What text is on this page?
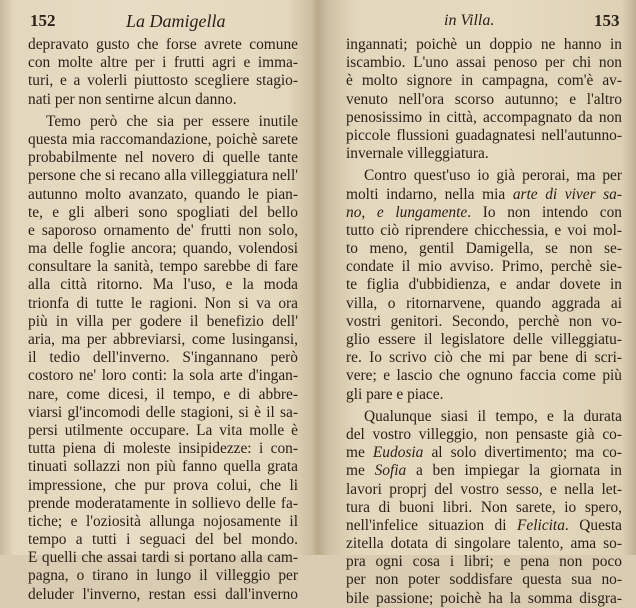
152	La Damigella
depravato gusto che forse avrete comune
con molte altre per i frutti agri e imma-
turi, e a volerli piuttosto scegliere stagio-
nati per non sentirne alcun danno.
Temo però che sia per essere inutile
questa mia raccomandazione, poichè sarete
probabilmente nel novero di quelle tante
persone che si recano alla villeggiatura nell'
autunno molto avanzato, quando le pian-
te, e gli alberi sono spogliati del bello
e saporoso ornamento de' frutti non solo,
ma delle foglie ancora; quando, volendosi
consultare la sanità, tempo sarebbe di fare
alla città ritorno. Ma l'uso, e la moda
trionfa di tutte le ragioni. Non si va ora
più in villa per godere il benefizio dell'
aria, ma per abbreviarsi, come lusingansi,
il tedio dell'inverno. S'ingannano però
costoro ne' loro conti: la sola arte d'ingan-
nare, come dicesi, il tempo, e di abbre-
viarsi gl'incomodi delle stagioni, si è il sa-
persi utilmente occupare. La vita molle è
tutta piena di moleste insipidezze: i con-
tinuati sollazzi non più fanno quella grata
impressione, che pur prova colui, che li
prende moderatamente in sollievo delle fa-
tiche; e l'oziosità allunga nojosamente il
tempo a tutti i seguaci del bel mondo.
E quelli che assai tardi si portano alla cam-
pagna, o tirano in lungo il villeggio per
deluder l'inverno, restan essi dall'inverno
in Villa.	153
ingannati; poichè un doppio ne hanno in
iscambio. L'uno assai penoso per chi non
è molto signore in campagna, com'è av-
venuto nell'ora scorso autunno; e l'altro
penosissimo in città, accompagnato da non
piccole flussioni guadagnatesi nell'autunno-
invernale villeggiatura.
Contro quest'uso io già perorai, ma per
molti indarno, nella mia arte di viver sa-
no, e lungamente. Io non intendo con
tutto ciò riprendere chicchessia, e voi mol-
to meno, gentil Damigella, se non se-
condate il mio avviso. Primo, perchè sie-
te figlia d'ubbidienza, e andar dovete in
villa, o ritornarvene, quando aggrada ai
vostri genitori. Secondo, perchè non vo-
glio essere il legislatore delle villeggiatu-
re. Io scrivo ciò che mi par bene di scri-
vere; e lascio che ognuno faccia come più
gli pare e piace.
Qualunque siasi il tempo, e la durata
del vostro villeggio, non pensaste già co-
me Eudosia al solo divertimento; ma co-
me Sofia a ben impiegar la giornata in
lavori proprj del vostro sesso, e nella let-
tura di buoni libri. Non sarete, io spero,
nell'infelice situazion di Felicita. Questa
zitella dotata di singolare talento, ama so-
pra ogni cosa i libri; e pena non poco
per non poter soddisfare questa sua no-
bile passione; poichè ha la somma disgra-
